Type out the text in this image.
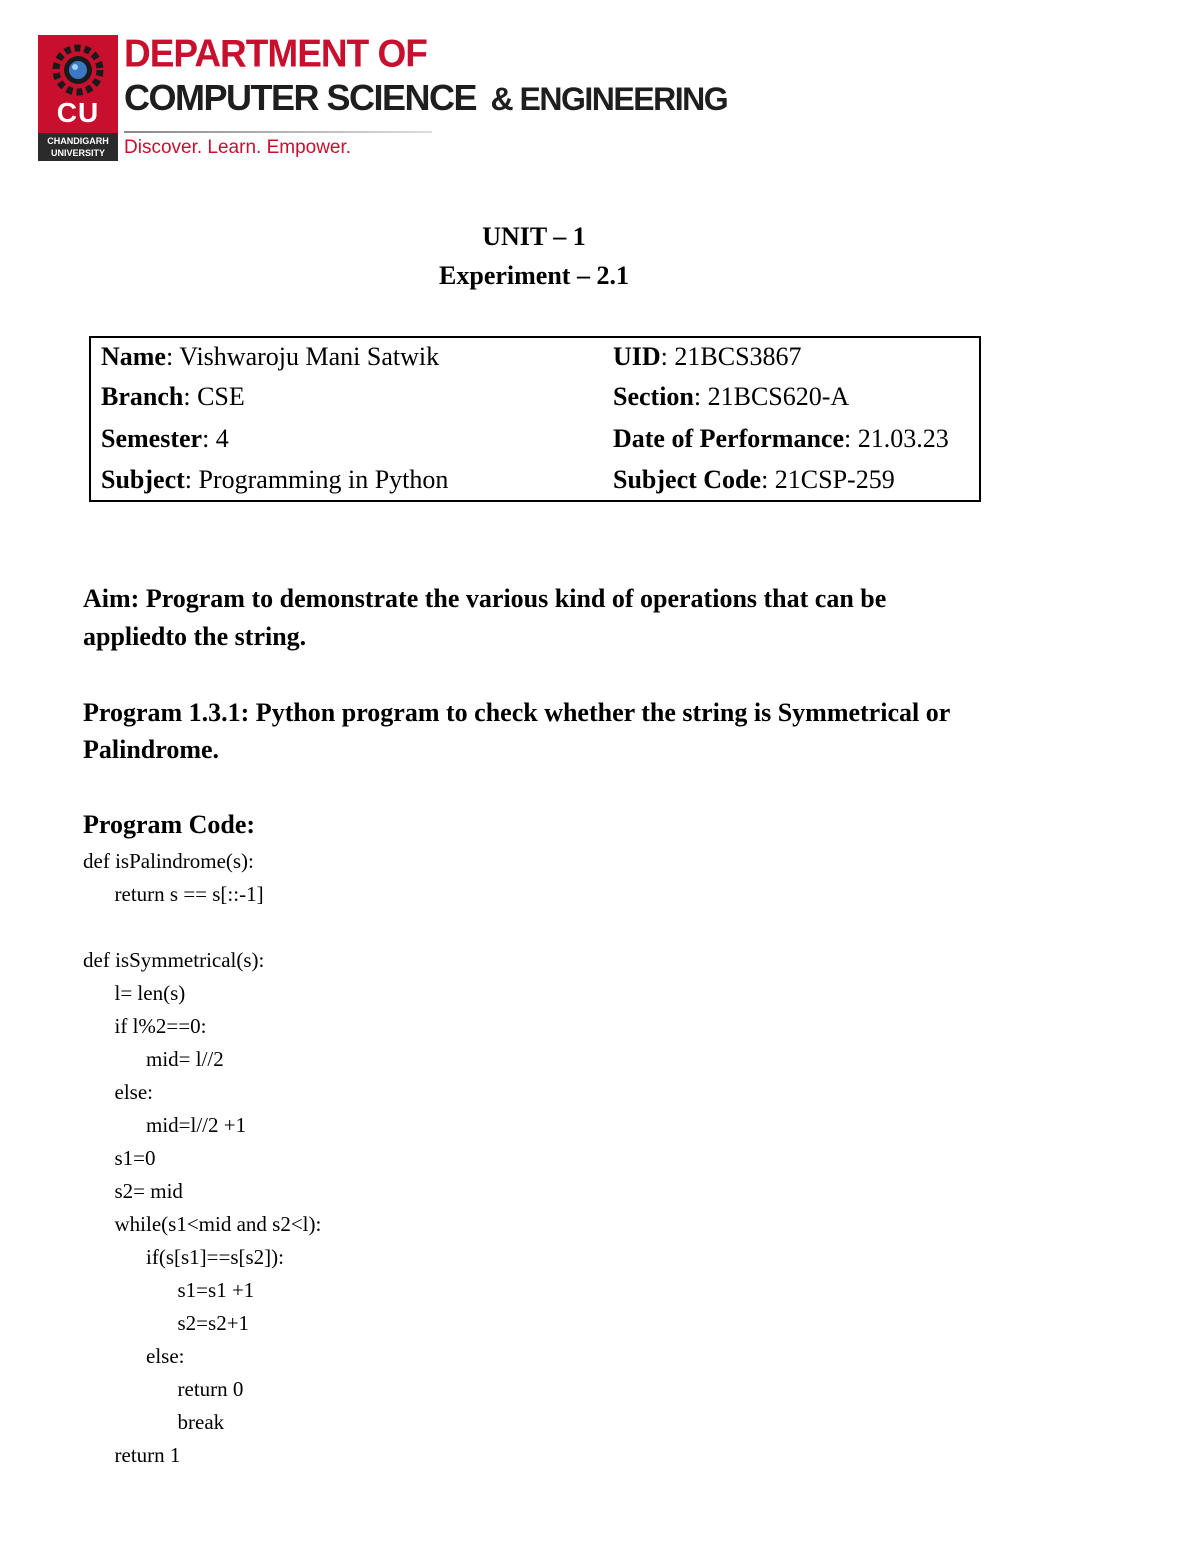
CU
CHANDIGARH
UNIVERSITY
DEPARTMENT OF
COMPUTER SCIENCE & ENGINEERING
Discover. Learn. Empower.
UNIT – 1
Experiment – 2.1
Name: Vishwaroju Mani Satwik	UID: 21BCS3867
Branch: CSE	Section: 21BCS620-A
Semester: 4	Date of Performance: 21.03.23
Subject: Programming in Python	Subject Code: 21CSP-259
Aim: Program to demonstrate the various kind of operations that can be appliedto the string.
Program 1.3.1: Python program to check whether the string is Symmetrical or Palindrome.
Program Code:
def isPalindrome(s):
return s == s[::-1]
def isSymmetrical(s):
l= len(s)
if l%2==0:
mid= l//2
else:
mid=l//2 +1
s1=0
s2= mid
while(s1<mid and s2<l):
if(s[s1]==s[s2]):
s1=s1 +1
s2=s2+1
else:
return 0
break
return 1
